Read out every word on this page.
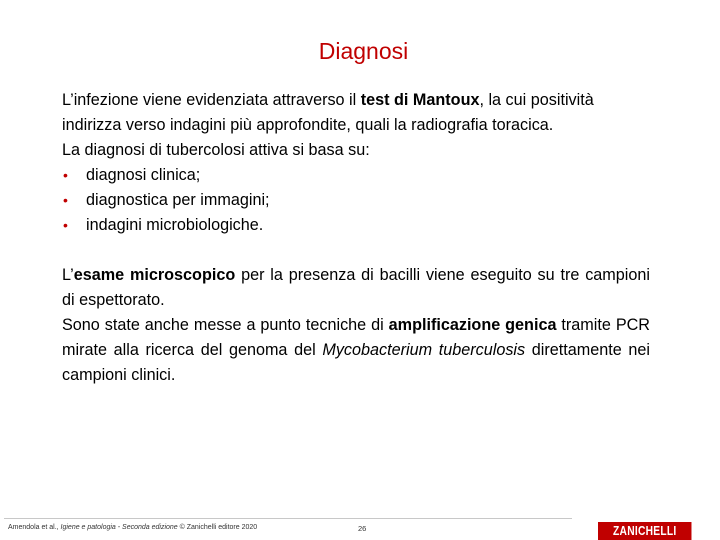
Diagnosi

L’infezione viene evidenziata attraverso il test di Mantoux, la cui positività indirizza verso indagini più approfondite, quali la radiografia toracica.

La diagnosi di tubercolosi attiva si basa su:

• diagnosi clinica;
• diagnostica per immagini;
• indagini microbiologiche.

L’esame microscopico per la presenza di bacilli viene eseguito su tre campioni di espettorato.

Sono state anche messe a punto tecniche di amplificazione genica tramite PCR mirate alla ricerca del genoma del Mycobacterium tuberculosis direttamente nei campioni clinici.

Amendola et al., Igiene e patologia - Seconda edizione © Zanichelli editore 2020	26	ZANICHELLI
